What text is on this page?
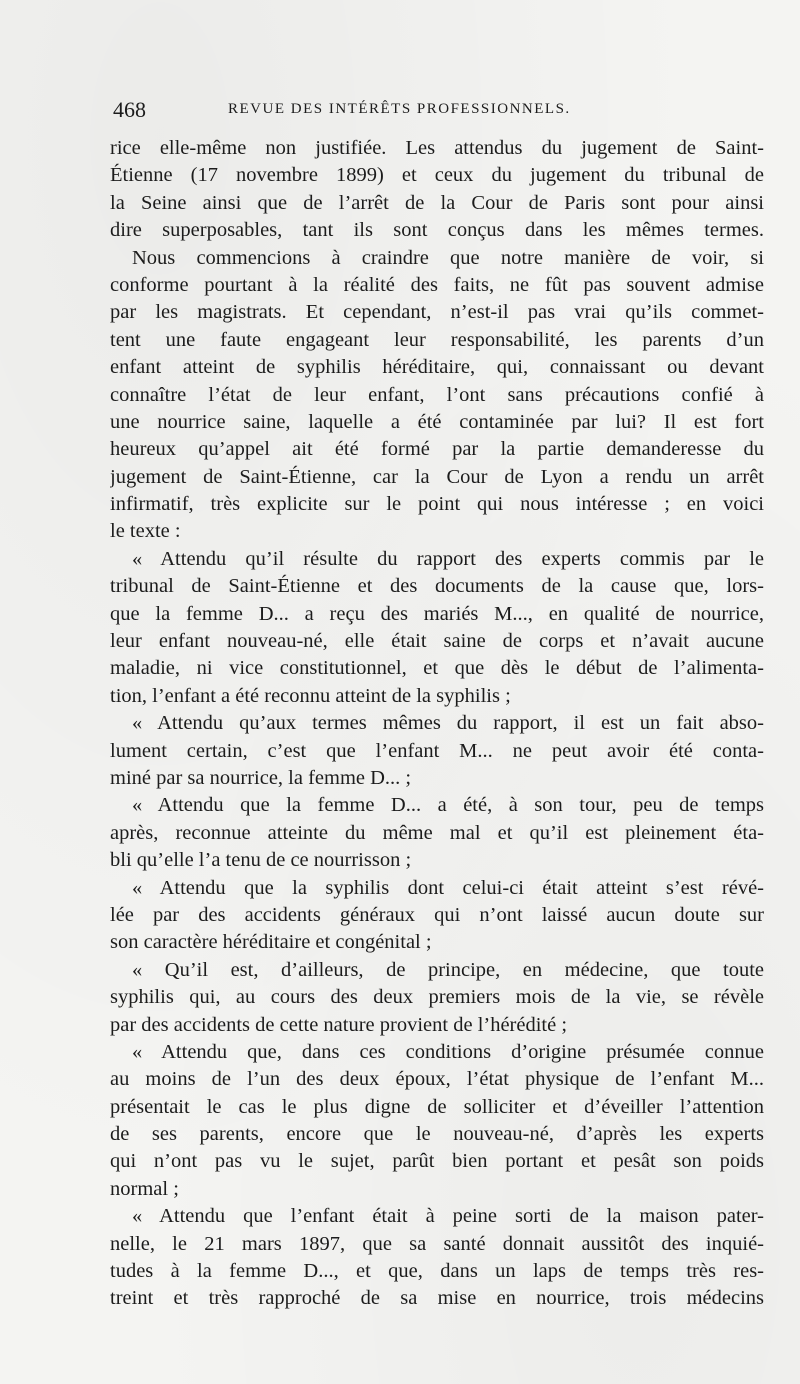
468	REVUE DES INTÉRÊTS PROFESSIONNELS.
rice elle-même non justifiée. Les attendus du jugement de Saint-
Étienne (17 novembre 1899) et ceux du jugement du tribunal de
la Seine ainsi que de l’arrêt de la Cour de Paris sont pour ainsi
dire superposables, tant ils sont conçus dans les mêmes termes.
Nous commencions à craindre que notre manière de voir, si
conforme pourtant à la réalité des faits, ne fût pas souvent admise
par les magistrats. Et cependant, n’est-il pas vrai qu’ils commet-
tent une faute engageant leur responsabilité, les parents d’un
enfant atteint de syphilis héréditaire, qui, connaissant ou devant
connaître l’état de leur enfant, l’ont sans précautions confié à
une nourrice saine, laquelle a été contaminée par lui? Il est fort
heureux qu’appel ait été formé par la partie demanderesse du
jugement de Saint-Étienne, car la Cour de Lyon a rendu un arrêt
infirmatif, très explicite sur le point qui nous intéresse ; en voici
le texte :
« Attendu qu’il résulte du rapport des experts commis par le
tribunal de Saint-Étienne et des documents de la cause que, lors-
que la femme D... a reçu des mariés M..., en qualité de nourrice,
leur enfant nouveau-né, elle était saine de corps et n’avait aucune
maladie, ni vice constitutionnel, et que dès le début de l’alimenta-
tion, l’enfant a été reconnu atteint de la syphilis ;
« Attendu qu’aux termes mêmes du rapport, il est un fait abso-
lument certain, c’est que l’enfant M... ne peut avoir été conta-
miné par sa nourrice, la femme D... ;
« Attendu que la femme D... a été, à son tour, peu de temps
après, reconnue atteinte du même mal et qu’il est pleinement éta-
bli qu’elle l’a tenu de ce nourrisson ;
« Attendu que la syphilis dont celui-ci était atteint s’est révé-
lée par des accidents généraux qui n’ont laissé aucun doute sur
son caractère héréditaire et congénital ;
« Qu’il est, d’ailleurs, de principe, en médecine, que toute
syphilis qui, au cours des deux premiers mois de la vie, se révèle
par des accidents de cette nature provient de l’hérédité ;
« Attendu que, dans ces conditions d’origine présumée connue
au moins de l’un des deux époux, l’état physique de l’enfant M...
présentait le cas le plus digne de solliciter et d’éveiller l’attention
de ses parents, encore que le nouveau-né, d’après les experts
qui n’ont pas vu le sujet, parût bien portant et pesât son poids
normal ;
« Attendu que l’enfant était à peine sorti de la maison pater-
nelle, le 21 mars 1897, que sa santé donnait aussitôt des inquié-
tudes à la femme D..., et que, dans un laps de temps très res-
treint et très rapproché de sa mise en nourrice, trois médecins
